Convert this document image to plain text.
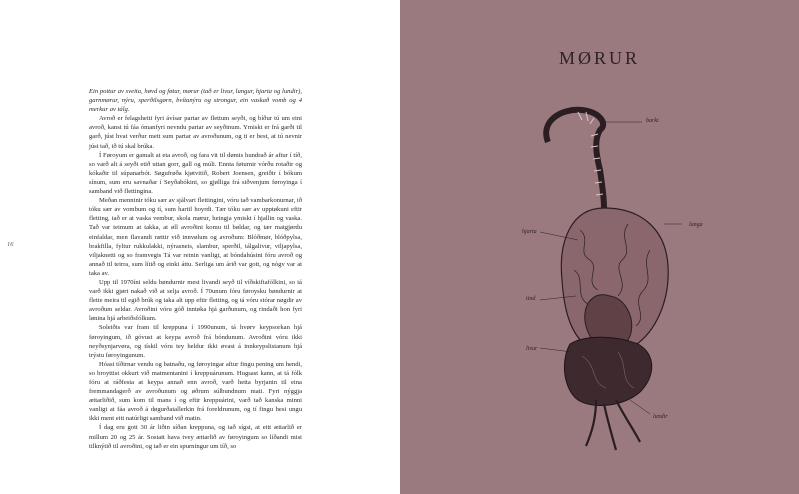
16

Ein pottur av sveita, høvd og føtur, mørur (tað er livur, lungur, hjarta og lundir), garnmørur, nýru, sperðilsgørn, bvítanýru og strongur, ein vaskað vomb og 4 merkur av tálg.

Avroð er felagsheiti fyri ávísar partar av flettum seyði, og bíður tú um eini avroð, kanst tú fáa ómanfyri nevndu partar av seyðinum. Ymiskt er frá garði til garð, júst hvat verður mett sum partar av avroðunum, og ti er best, at tú nevnir júst tað, ið tú skal brúka.

Í Føroyum er gamalt at eta avroð, og fara vit til dømis hundrað ár aftur í tíð, so varð alt á seyði etið uttan gorr, gall og múli. Ennta føturnir vórðu rotaðir og kókaðir til súpanarbót. Søgufrøða kjøtvitið, Robert Joensen, greiðir í bókum sínum, sum eru savnaðar í Seyðabókini, so gjølliga frá siðvenjum føroyinga í samband við flettingina.

Meðan menninir tóku sær av sjálvari flettingini, vóru tað vambarkonurnar, ið tóku sær av vombum og tí, sum hartil hoyrdi. Tær tóku sær av upptøkuni eftir fletting, tað er at vaska vembur, skola mørur, heingja ymiskt í hjallin og vaska. Tað var teimum at takka, at øll avroðini komu til bøldar, og tær matgjørdu einfaldar, men flavandi rættir við innvølum og avroðum: Blóðmør, blóðpylsa, brakfilla, fyltur rukkulakki, nýrasneis, slambur, sperðil, tálgalivur, viljapylsa, viljaknetti og so framvegis Tá var reinin vanligt, at bóndahúsini fóru avroð og annað til teirra, sum lítið og einki áttu. Serliga um árið var gott, og nógv var at taka av.

Upp til 1970íni seldu bøndurnir mest livandi seyð til víðskiftafólkini, so tá varð ikki gjørt nakað við at selja avroð. Í 70unum fóru føroysku bøndurnir at flette meira til egið brúk og taka alt upp eftir fletting, og tá vóru stórar nøgdir av avroðum seldar. Avroðini vóru góð inntøka hjá garðunum, og rindaði hon fyri lønina hjá arbeiðsfólkum.

Soleiðis var fram til kreppuna í 1990unum, tá hvørv keypsorkan hjá føroyingum, ið góvust at keypa avroð frá bóndunum. Avroðini vóru ikki neyðsynjarvøra, og tískil vóru tey heldur ikki øvast á innkeypslistanum hjá trýstu føroyingunum.

Hóast tíðirnar vendu og batnaðu, og føroyingar aftur fingu pening um hendi, so broyttist okkurt við matmentanini í kreppuárunum. Hugsast kann, at tá fólk fóru at ráðfesta at keypa annað enn avroð, varð hetta byrjanin til eina fremmandagerð av avroðunum og øðrum súlbundnum mati. Fyri nýggja ættarliðið, sum kom til mans í og eftir kreppuárini, varð tað kanska minni vanligt at fáa avroð á døgurðatallerkin frá foreldrunum, og tí fingu hesi ungu ikki ment eitt natúrligt samband við matin.

Í dag eru gott 30 ár liðin síðan kreppuna, og tað sígst, at eitt ættarlið er millum 20 og 25 ár. Sostatt hava tvey ættarlið av føroyingum so líðandi mist tilknýtið til avroðini, og tað er ein spurningur um tíð, so

MØRUR
barki
lunga
hjarta
tind
livur
lundir
